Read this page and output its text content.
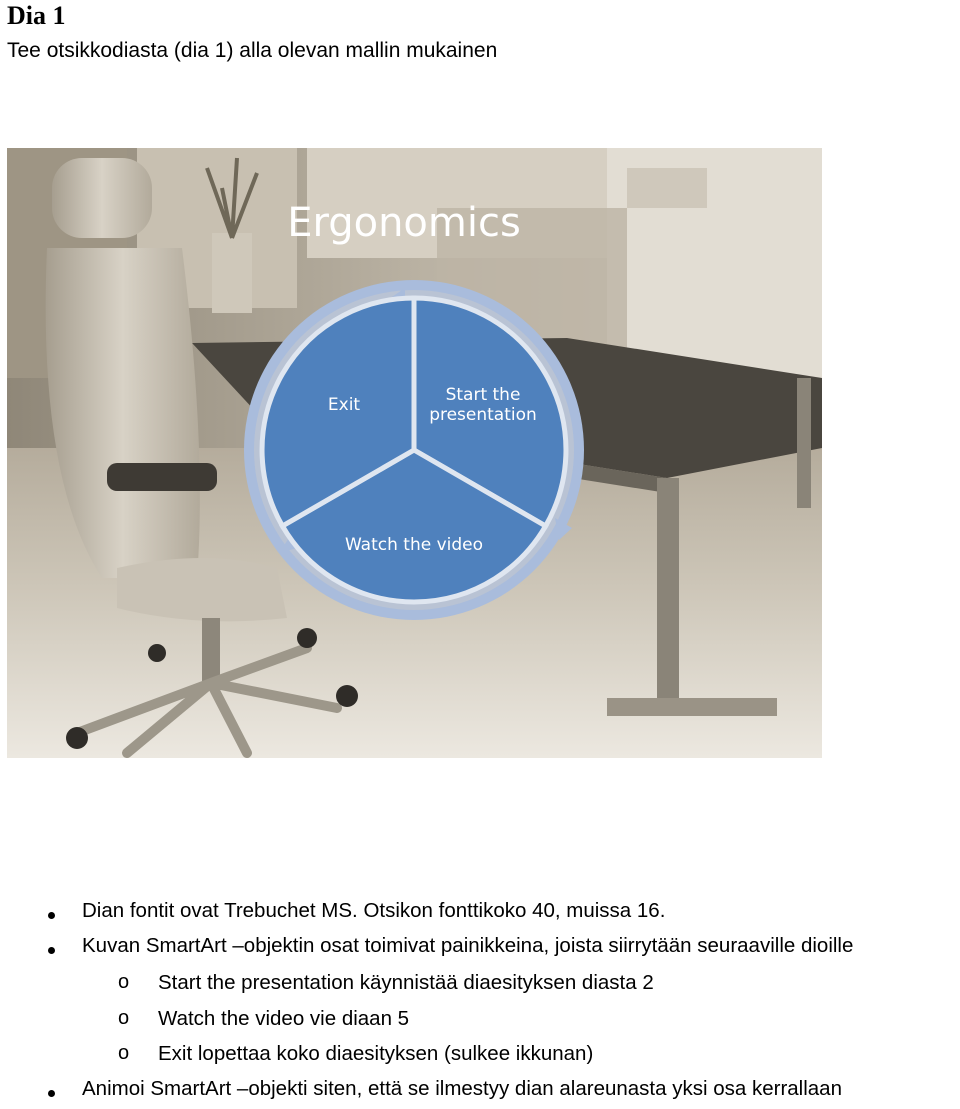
Dia 1
Tee otsikkodiasta (dia 1) alla olevan mallin mukainen
Ergonomics
Start the
presentation
Watch the video
Exit
Dian fontit ovat Trebuchet MS. Otsikon fonttikoko 40, muissa 16.
Kuvan SmartArt –objektin osat toimivat painikkeina, joista siirrytään seuraaville dioille
o Start the presentation käynnistää diaesityksen diasta 2
o Watch the video vie diaan 5
o Exit lopettaa koko diaesityksen (sulkee ikkunan)
Animoi SmartArt –objekti siten, että se ilmestyy dian alareunasta yksi osa kerrallaan
